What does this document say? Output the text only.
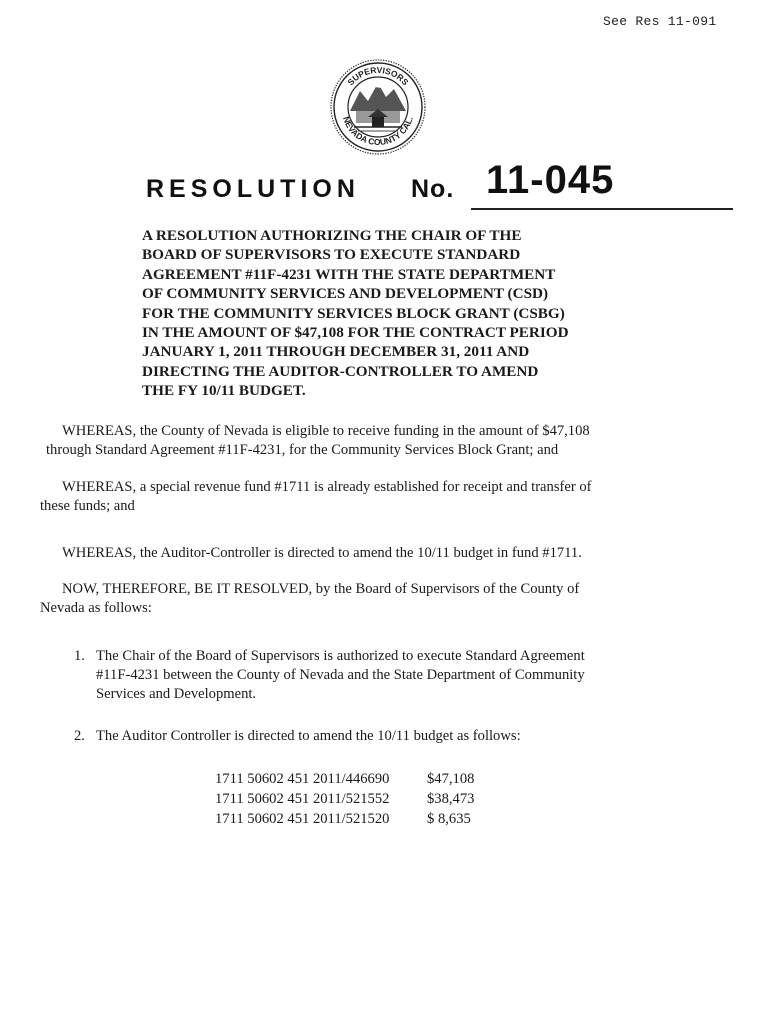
See Res 11-091
SUPERVISORS
NEVADA COUNTY CAL.
RESOLUTION No. 11-045
A RESOLUTION AUTHORIZING THE CHAIR OF THE
BOARD OF SUPERVISORS TO EXECUTE STANDARD
AGREEMENT #11F-4231 WITH THE STATE DEPARTMENT
OF COMMUNITY SERVICES AND DEVELOPMENT (CSD)
FOR THE COMMUNITY SERVICES BLOCK GRANT (CSBG)
IN THE AMOUNT OF $47,108 FOR THE CONTRACT PERIOD
JANUARY 1, 2011 THROUGH DECEMBER 31, 2011 AND
DIRECTING THE AUDITOR-CONTROLLER TO AMEND
THE FY 10/11 BUDGET.
WHEREAS, the County of Nevada is eligible to receive funding in the amount of $47,108
through Standard Agreement #11F-4231, for the Community Services Block Grant; and
WHEREAS, a special revenue fund #1711 is already established for receipt and transfer of
these funds; and
WHEREAS, the Auditor-Controller is directed to amend the 10/11 budget in fund #1711.
NOW, THEREFORE, BE IT RESOLVED, by the Board of Supervisors of the County of
Nevada as follows:
1. The Chair of the Board of Supervisors is authorized to execute Standard Agreement
#11F-4231 between the County of Nevada and the State Department of Community
Services and Development.
2. The Auditor Controller is directed to amend the 10/11 budget as follows:
1711 50602 451 2011/446690	$47,108
1711 50602 451 2011/521552	$38,473
1711 50602 451 2011/521520	$ 8,635
